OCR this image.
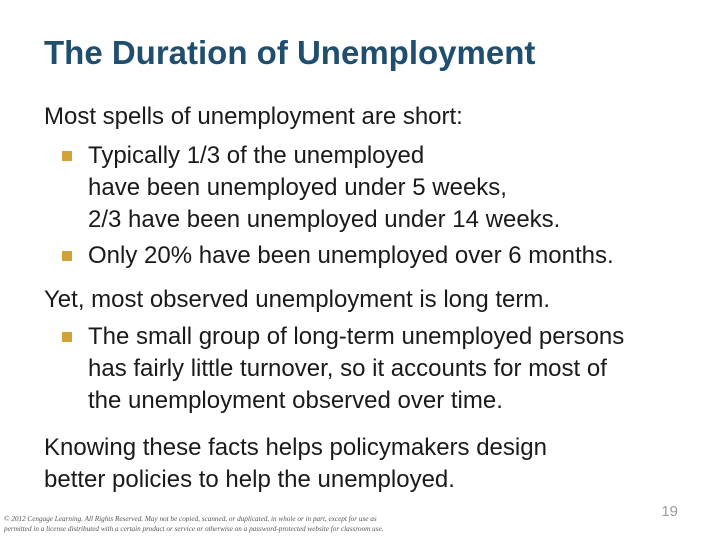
The Duration of Unemployment
Most spells of unemployment are short:
Typically 1/3 of the unemployed
have been unemployed under 5 weeks,
2/3 have been unemployed under 14 weeks.
Only 20% have been unemployed over 6 months.
Yet, most observed unemployment is long term.
The small group of long-term unemployed persons
has fairly little turnover, so it accounts for most of
the unemployment observed over time.
Knowing these facts helps policymakers design
better policies to help the unemployed.
© 2012 Cengage Learning. All Rights Reserved. May not be copied, scanned, or duplicated, in whole or in part, except for use as
permitted in a license distributed with a certain product or service or otherwise on a password-protected website for classroom use.
19
